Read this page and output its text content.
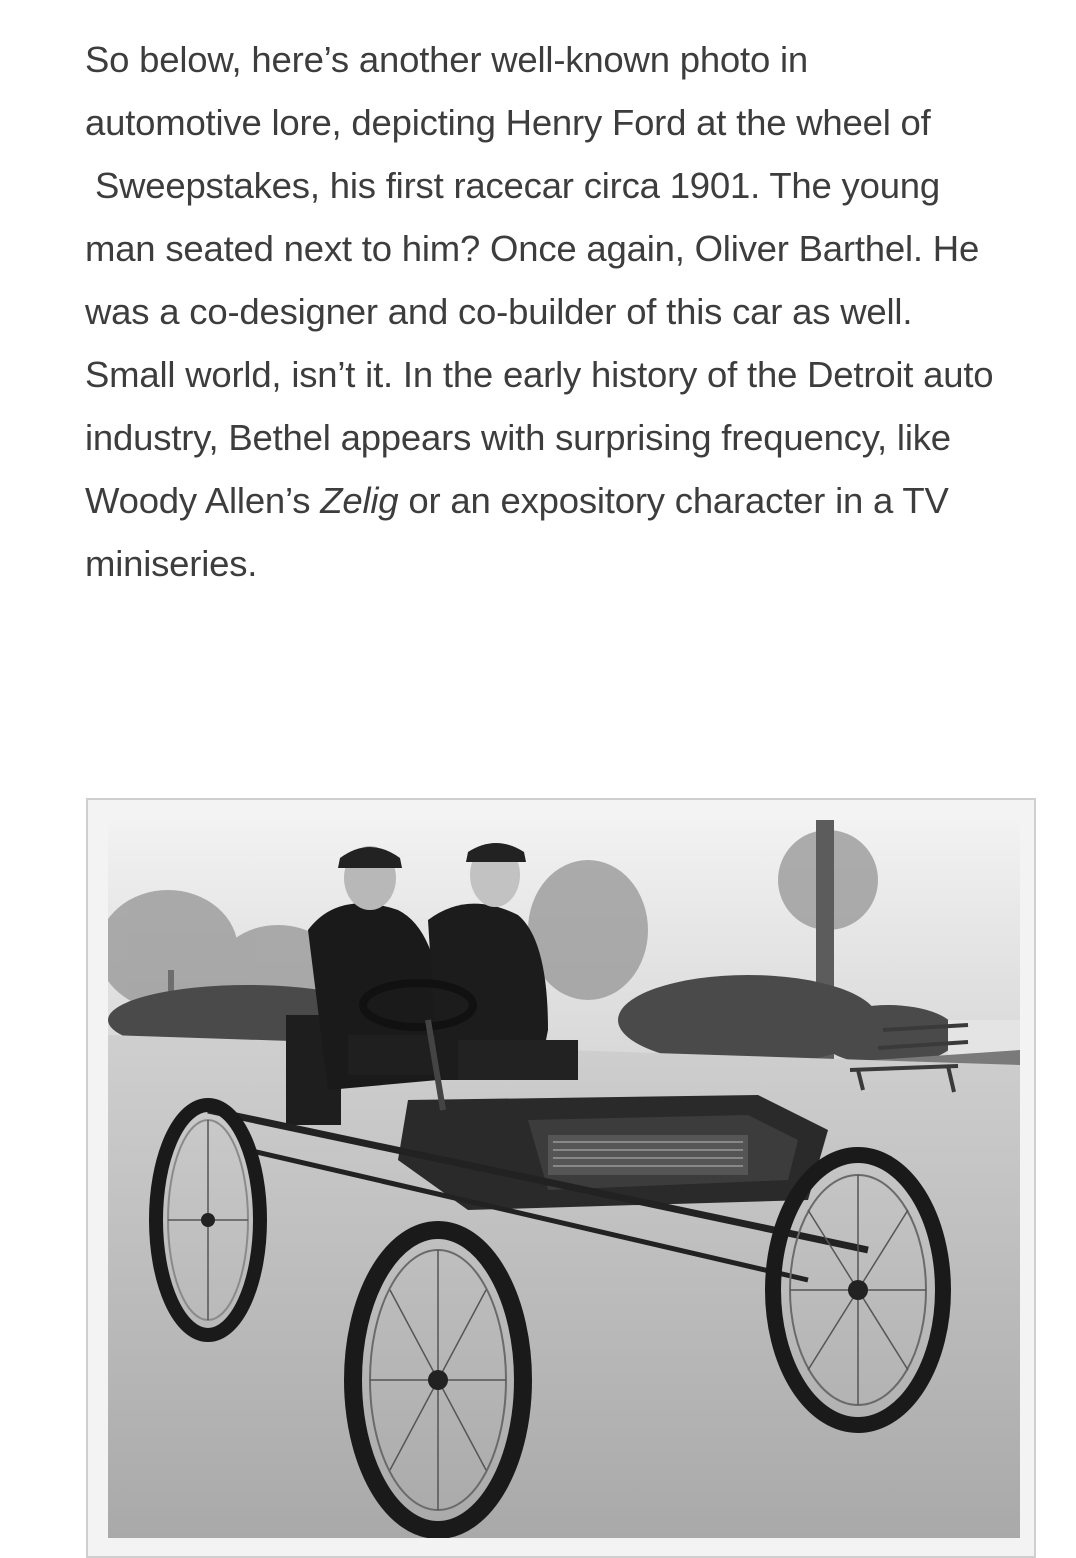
So below, here’s another well-known photo in
automotive lore, depicting Henry Ford at the wheel of
Sweepstakes, his first racecar circa 1901. The young
man seated next to him? Once again, Oliver Barthel. He
was a co-designer and co-builder of this car as well.
Small world, isn’t it. In the early history of the Detroit auto
industry, Bethel appears with surprising frequency, like
Woody Allen’s Zelig or an expository character in a TV
miniseries.
